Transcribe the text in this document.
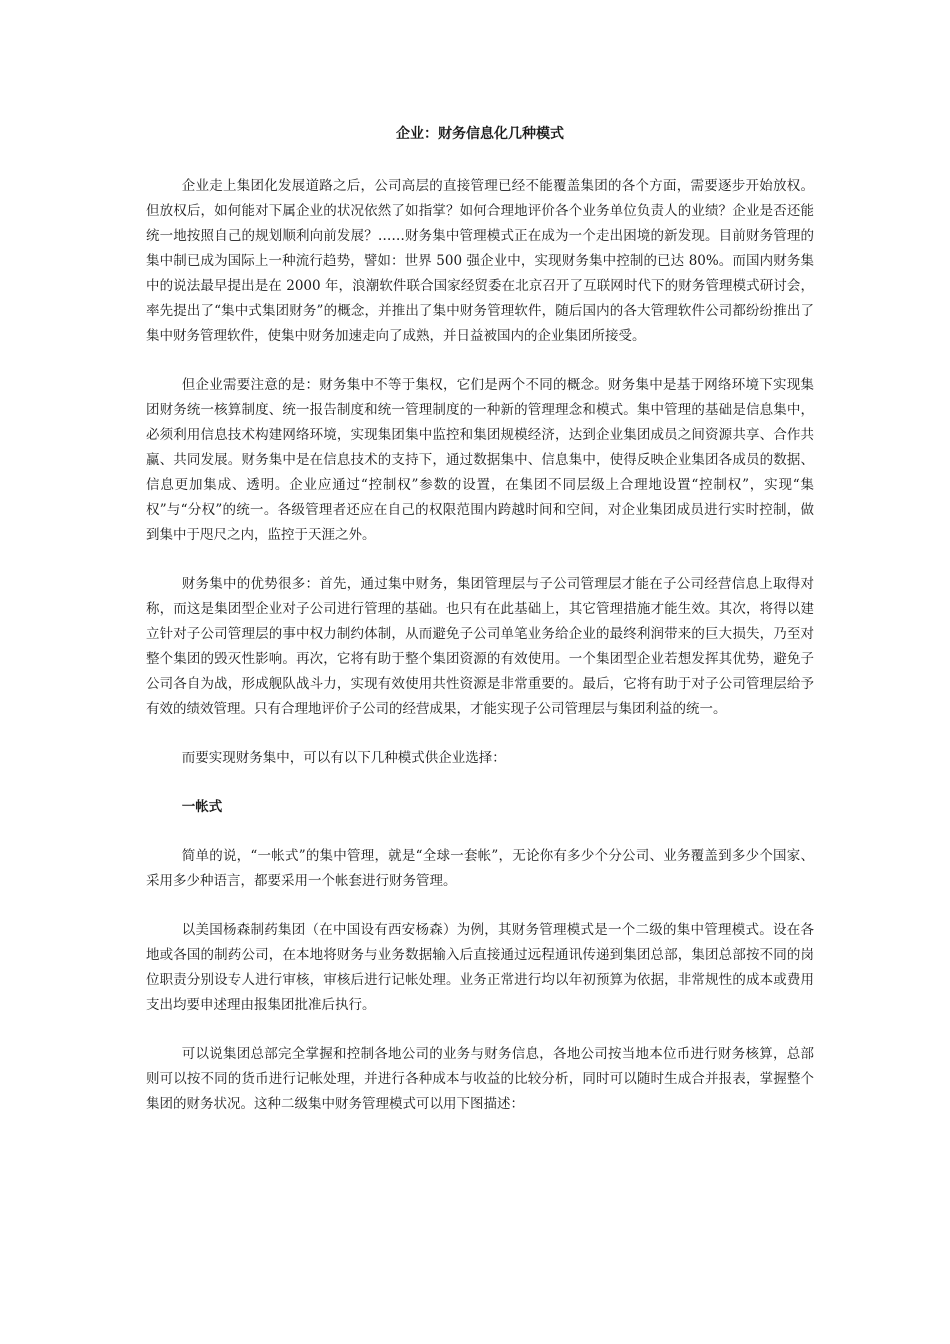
企业：财务信息化几种模式

企业走上集团化发展道路之后，公司高层的直接管理已经不能覆盖集团的各个方面，需要逐步开始放权。但放权后，如何能对下属企业的状况依然了如指掌？如何合理地评价各个业务单位负责人的业绩？企业是否还能统一地按照自己的规划顺利向前发展？……财务集中管理模式正在成为一个走出困境的新发现。目前财务管理的集中制已成为国际上一种流行趋势，譬如：世界 500 强企业中，实现财务集中控制的已达 80%。而国内财务集中的说法最早提出是在 2000 年，浪潮软件联合国家经贸委在北京召开了互联网时代下的财务管理模式研讨会，率先提出了“集中式集团财务”的概念，并推出了集中财务管理软件，随后国内的各大管理软件公司都纷纷推出了集中财务管理软件，使集中财务加速走向了成熟，并日益被国内的企业集团所接受。

但企业需要注意的是：财务集中不等于集权，它们是两个不同的概念。财务集中是基于网络环境下实现集团财务统一核算制度、统一报告制度和统一管理制度的一种新的管理理念和模式。集中管理的基础是信息集中，必须利用信息技术构建网络环境，实现集团集中监控和集团规模经济，达到企业集团成员之间资源共享、合作共赢、共同发展。财务集中是在信息技术的支持下，通过数据集中、信息集中，使得反映企业集团各成员的数据、信息更加集成、透明。企业应通过“控制权”参数的设置，在集团不同层级上合理地设置“控制权”，实现“集权”与“分权”的统一。各级管理者还应在自己的权限范围内跨越时间和空间，对企业集团成员进行实时控制，做到集中于咫尺之内，监控于天涯之外。

财务集中的优势很多：首先，通过集中财务，集团管理层与子公司管理层才能在子公司经营信息上取得对称，而这是集团型企业对子公司进行管理的基础。也只有在此基础上，其它管理措施才能生效。其次，将得以建立针对子公司管理层的事中权力制约体制，从而避免子公司单笔业务给企业的最终利润带来的巨大损失，乃至对整个集团的毁灭性影响。再次，它将有助于整个集团资源的有效使用。一个集团型企业若想发挥其优势，避免子公司各自为战，形成舰队战斗力，实现有效使用共性资源是非常重要的。最后，它将有助于对子公司管理层给予有效的绩效管理。只有合理地评价子公司的经营成果，才能实现子公司管理层与集团利益的统一。

而要实现财务集中，可以有以下几种模式供企业选择：

一帐式

简单的说，“一帐式”的集中管理，就是“全球一套帐”，无论你有多少个分公司、业务覆盖到多少个国家、采用多少种语言，都要采用一个帐套进行财务管理。

以美国杨森制药集团（在中国设有西安杨森）为例，其财务管理模式是一个二级的集中管理模式。设在各地或各国的制药公司，在本地将财务与业务数据输入后直接通过远程通讯传递到集团总部，集团总部按不同的岗位职责分别设专人进行审核，审核后进行记帐处理。业务正常进行均以年初预算为依据，非常规性的成本或费用支出均要申述理由报集团批准后执行。

可以说集团总部完全掌握和控制各地公司的业务与财务信息，各地公司按当地本位币进行财务核算，总部则可以按不同的货币进行记帐处理，并进行各种成本与收益的比较分析，同时可以随时生成合并报表，掌握整个集团的财务状况。这种二级集中财务管理模式可以用下图描述：
